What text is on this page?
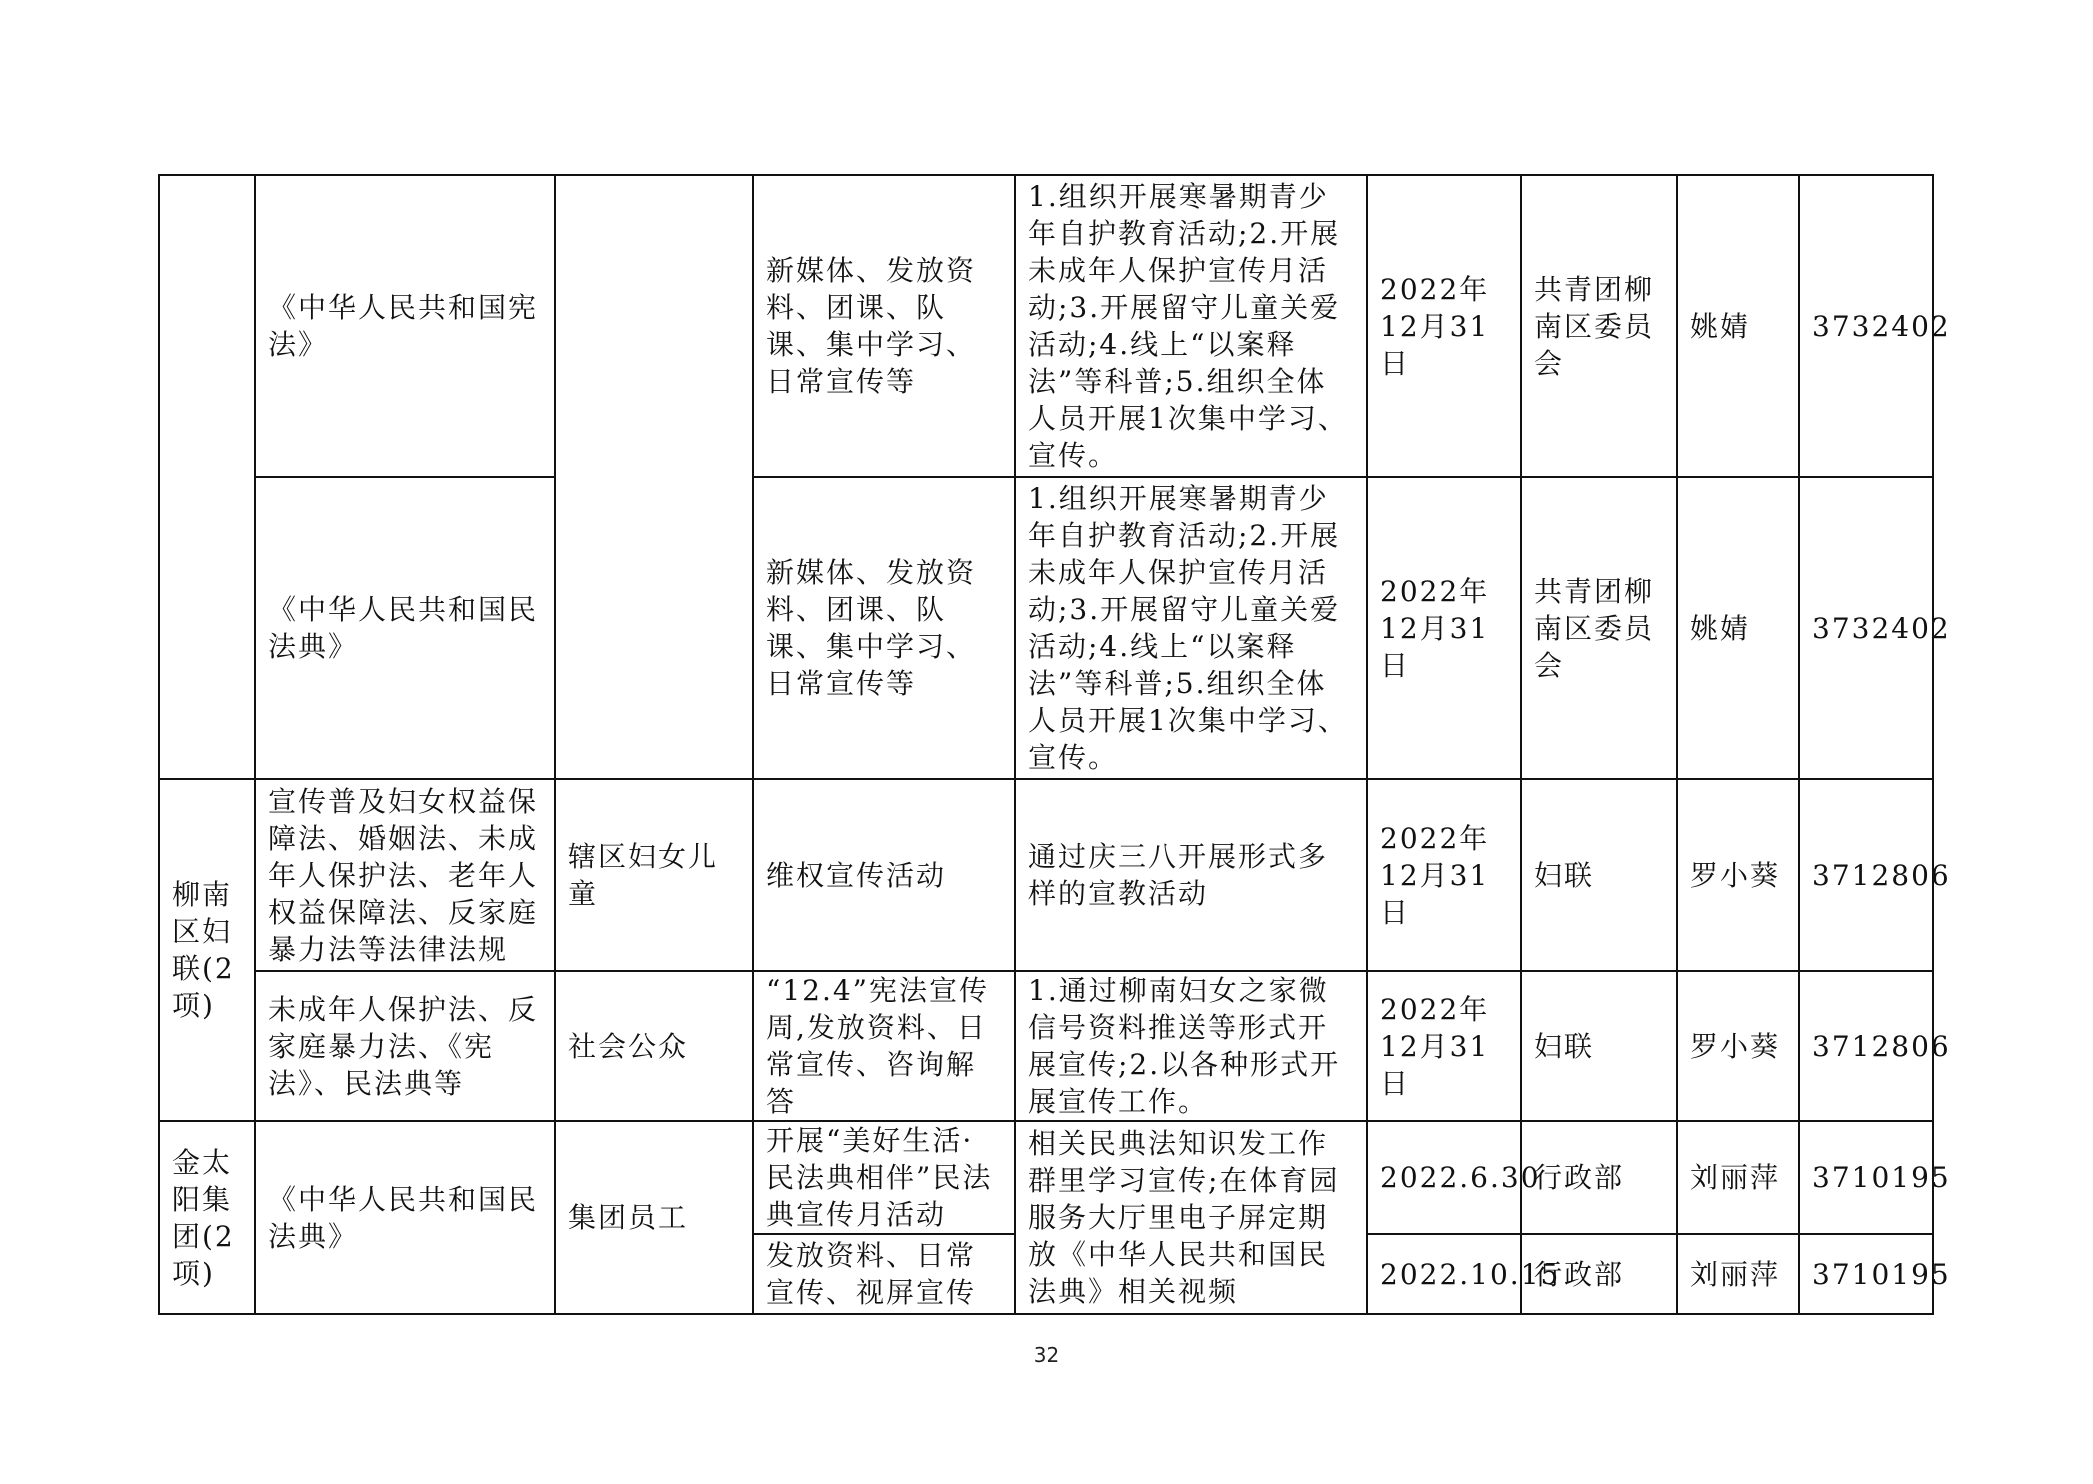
	《中华人民共和国宪法》		新媒体、发放资料、团课、队课、集中学习、日常宣传等	1.组织开展寒暑期青少年自护教育活动;2.开展未成年人保护宣传月活动;3.开展留守儿童关爱活动;4.线上“以案释法”等科普;5.组织全体人员开展1次集中学习、宣传。	2022年12月31日	共青团柳南区委员会	姚婧	3732402
	《中华人民共和国民法典》		新媒体、发放资料、团课、队课、集中学习、日常宣传等	1.组织开展寒暑期青少年自护教育活动;2.开展未成年人保护宣传月活动;3.开展留守儿童关爱活动;4.线上“以案释法”等科普;5.组织全体人员开展1次集中学习、宣传。	2022年12月31日	共青团柳南区委员会	姚婧	3732402
柳南区妇联(2项)	宣传普及妇女权益保障法、婚姻法、未成年人保护法、老年人权益保障法、反家庭暴力法等法律法规	辖区妇女儿童	维权宣传活动	通过庆三八开展形式多样的宣教活动	2022年12月31日	妇联	罗小葵	3712806
	未成年人保护法、反家庭暴力法、《宪法》、民法典等	社会公众	“12.4”宪法宣传周,发放资料、日常宣传、咨询解答	1.通过柳南妇女之家微信号资料推送等形式开展宣传;2.以各种形式开展宣传工作。	2022年12月31日	妇联	罗小葵	3712806
金太阳集团(2项)	《中华人民共和国民法典》	集团员工	开展“美好生活·民法典相伴”民法典宣传月活动	相关民典法知识发工作群里学习宣传;在体育园服务大厅里电子屏定期放《中华人民共和国民法典》相关视频	2022.6.30	行政部	刘丽萍	3710195
			发放资料、日常宣传、视屏宣传		2022.10.15	行政部	刘丽萍	3710195
32
